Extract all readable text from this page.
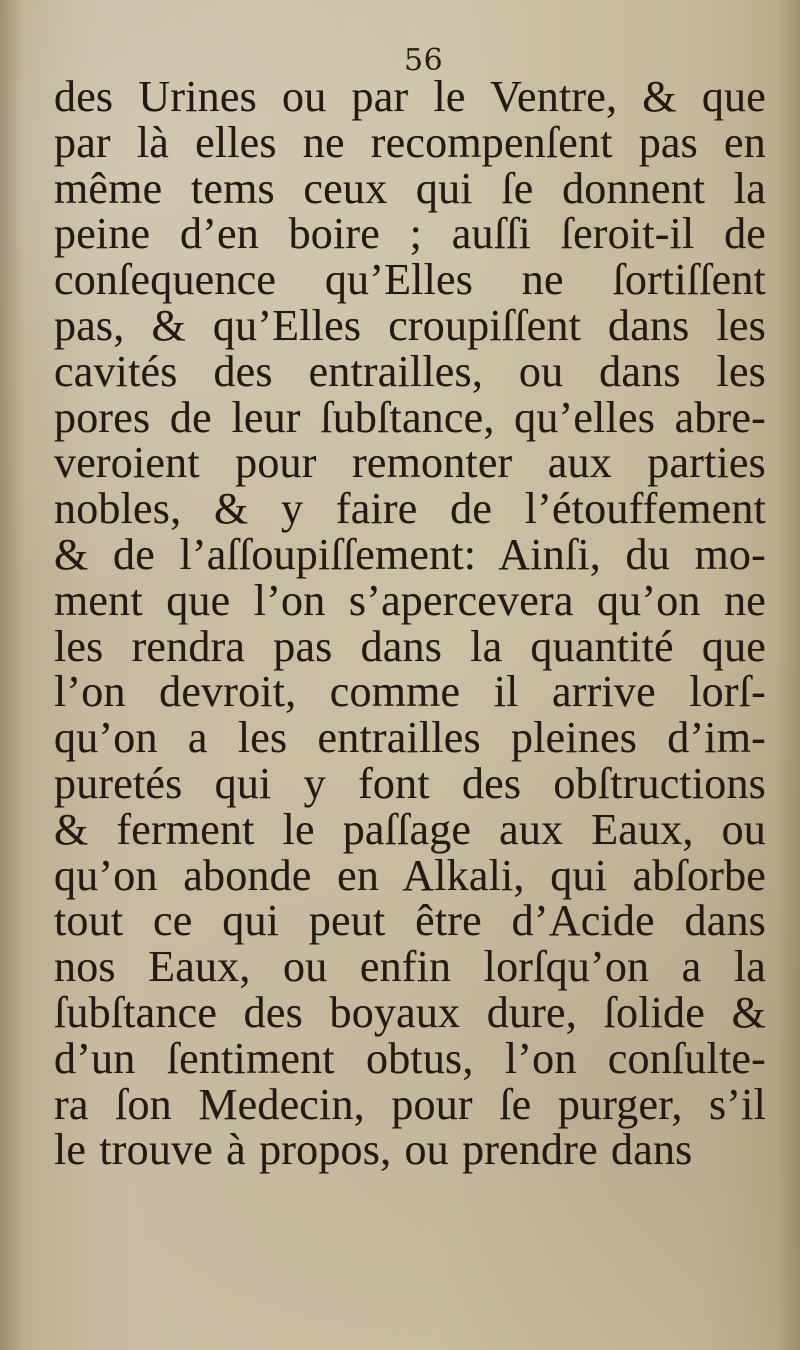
56
des Urines ou par le Ventre, & que
par là elles ne recompenſent pas en
même tems ceux qui ſe donnent la
peine d’en boire ; auſſi ſeroit-il de
conſequence qu’Elles ne ſortiſſent
pas, & qu’Elles croupiſſent dans les
cavités des entrailles, ou dans les
pores de leur ſubſtance, qu’elles abre-
veroient pour remonter aux parties
nobles, & y faire de l’étouffement
& de l’aſſoupiſſement: Ainſi, du mo-
ment que l’on s’apercevera qu’on ne
les rendra pas dans la quantité que
l’on devroit, comme il arrive lorſ-
qu’on a les entrailles pleines d’im-
puretés qui y font des obſtructions
& ferment le paſſage aux Eaux, ou
qu’on abonde en Alkali, qui abſorbe
tout ce qui peut être d’Acide dans
nos Eaux, ou enfin lorſqu’on a la
ſubſtance des boyaux dure, ſolide &
d’un ſentiment obtus, l’on conſulte-
ra ſon Medecin, pour ſe purger, s’il
le trouve à propos, ou prendre dans
